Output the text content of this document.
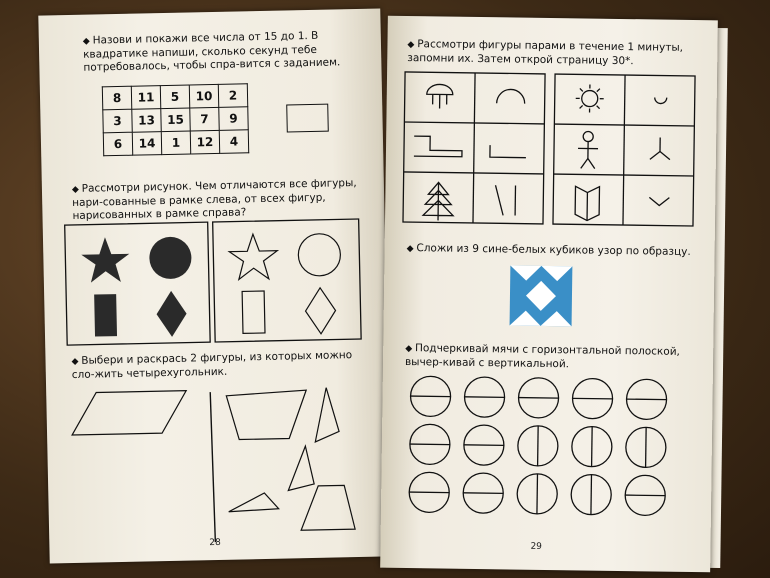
◆ Назови и покажи все числа от 15 до 1. В квадратике напиши, сколько секунд тебе потребовалось, чтобы спра-вится с заданием.

8	11	5	10	2
3	13	15	7	9
6	14	1	12	4

◆ Рассмотри рисунок. Чем отличаются все фигуры, нари-сованные в рамке слева, от всех фигур, нарисованных в рамке справа?

◆ Выбери и раскрась 2 фигуры, из которых можно сло-жить четырехугольник.

28

◆ Рассмотри фигуры парами в течение 1 минуты, запомни их. Затем открой страницу 30*.

◆ Сложи из 9 сине-белых кубиков узор по образцу.

◆ Подчеркивай мячи с горизонтальной полоской, вычер-кивай с вертикальной.

29
